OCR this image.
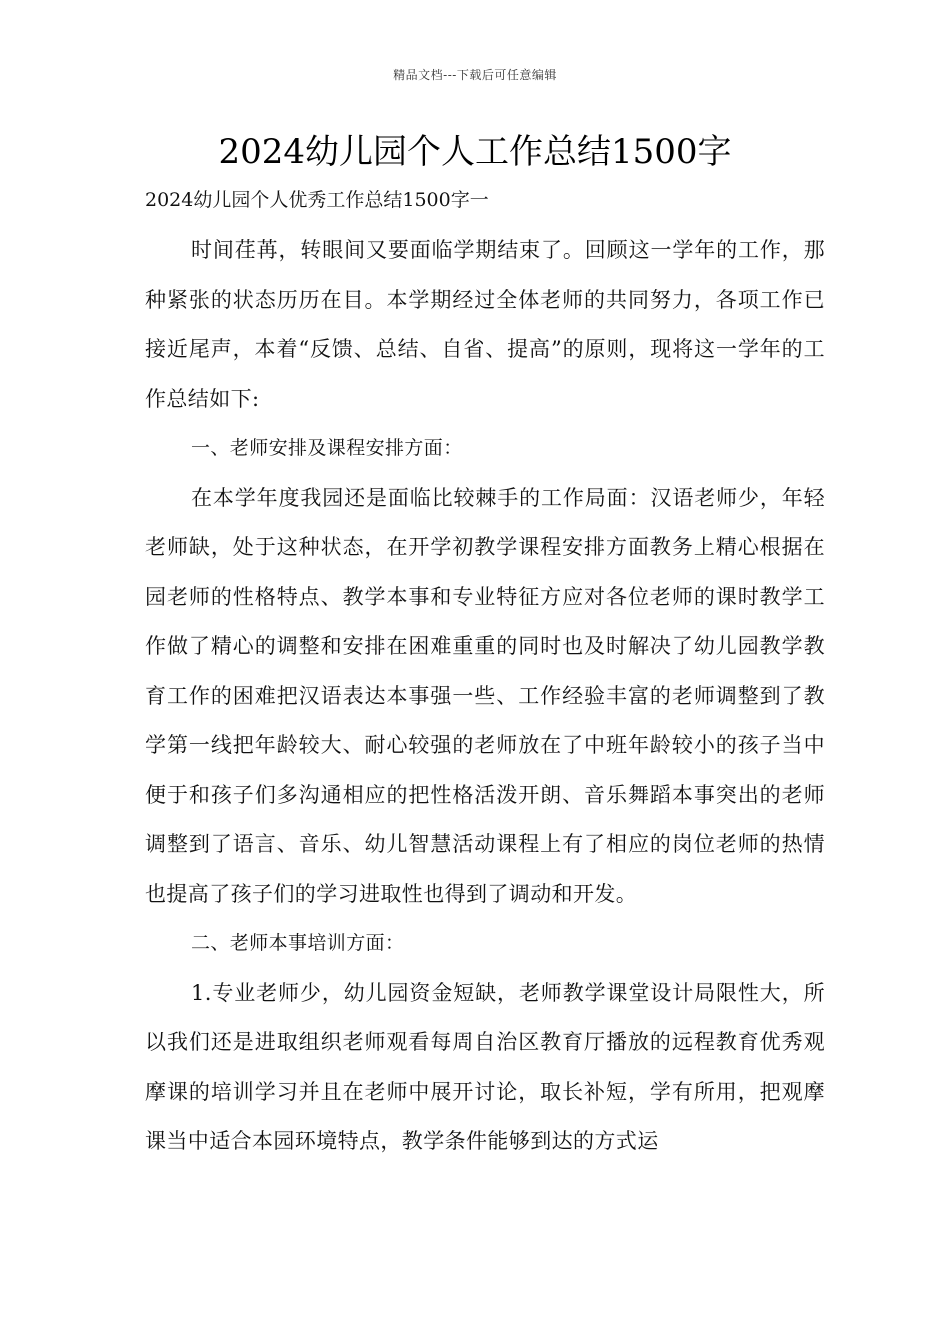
精品文档---下载后可任意编辑
2024幼儿园个人工作总结1500字

2024幼儿园个人优秀工作总结1500字一

时间荏苒，转眼间又要面临学期结束了。回顾这一学年的工作，那种紧张的状态历历在目。本学期经过全体老师的共同努力，各项工作已接近尾声，本着“反馈、总结、自省、提高”的原则，现将这一学年的工作总结如下:

一、老师安排及课程安排方面：

在本学年度我园还是面临比较棘手的工作局面：汉语老师少，年轻老师缺，处于这种状态，在开学初教学课程安排方面教务上精心根据在园老师的性格特点、教学本事和专业特征方应对各位老师的课时教学工作做了精心的调整和安排在困难重重的同时也及时解决了幼儿园教学教育工作的困难把汉语表达本事强一些、工作经验丰富的老师调整到了教学第一线把年龄较大、耐心较强的老师放在了中班年龄较小的孩子当中便于和孩子们多沟通相应的把性格活泼开朗、音乐舞蹈本事突出的老师调整到了语言、音乐、幼儿智慧活动课程上有了相应的岗位老师的热情也提高了孩子们的学习进取性也得到了调动和开发。

二、老师本事培训方面：

1.专业老师少，幼儿园资金短缺，老师教学课堂设计局限性大，所以我们还是进取组织老师观看每周自治区教育厅播放的远程教育优秀观摩课的培训学习并且在老师中展开讨论，取长补短，学有所用，把观摩课当中适合本园环境特点，教学条件能够到达的方式运
